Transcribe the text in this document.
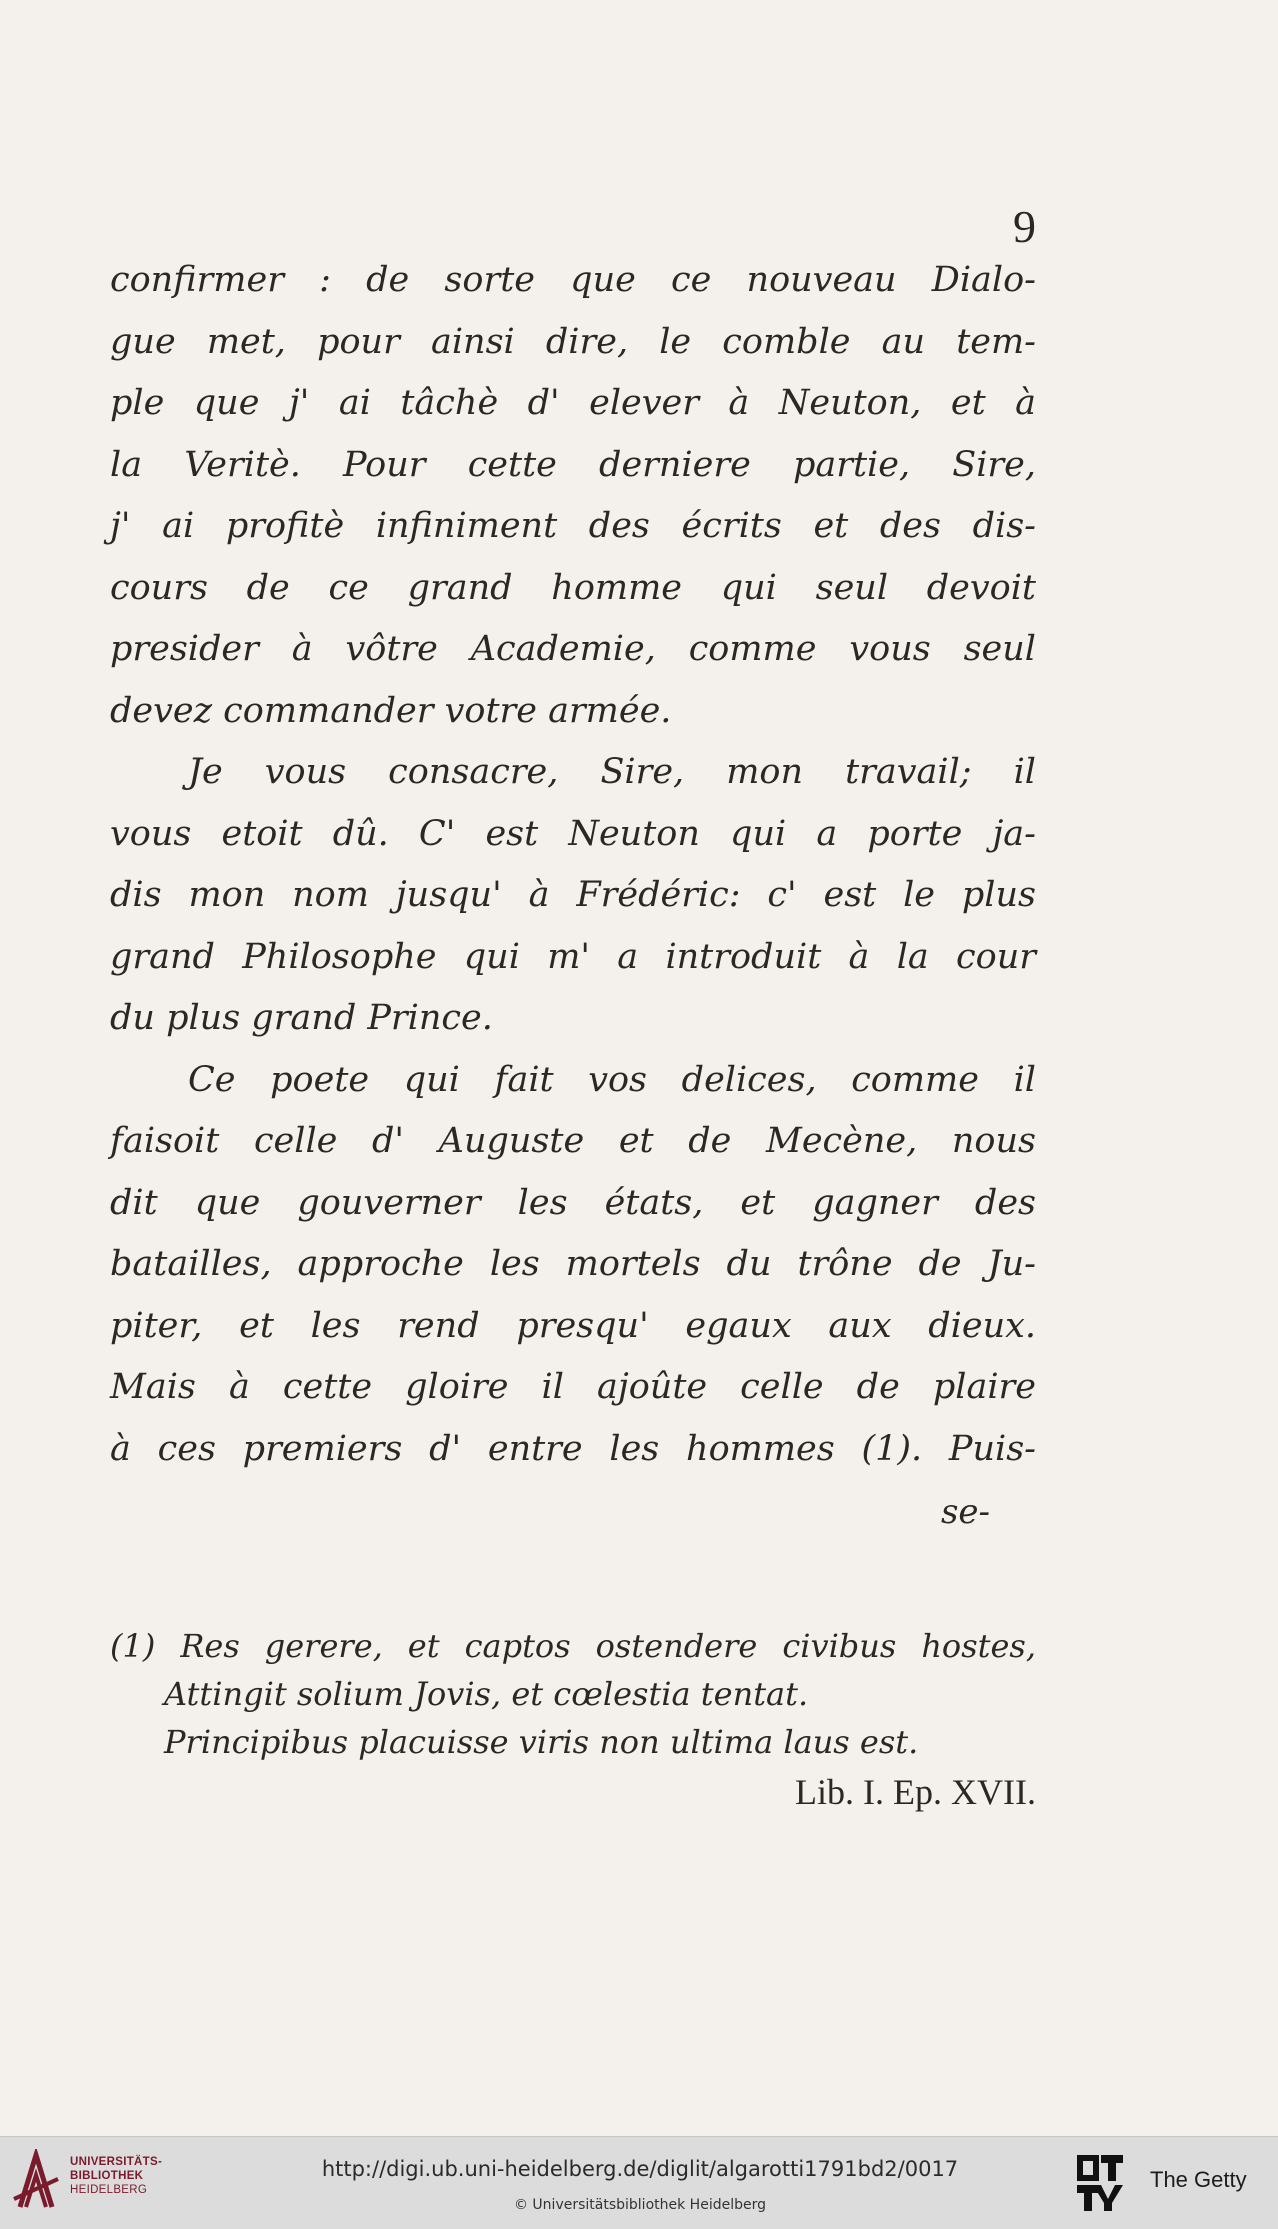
9
confirmer : de sorte que ce nouveau Dialo-
gue met, pour ainsi dire, le comble au tem-
ple que j' ai tâchè d' elever à Neuton, et à
la Veritè. Pour cette derniere partie, Sire,
j' ai profitè infiniment des écrits et des dis-
cours de ce grand homme qui seul devoit
presider à vôtre Academie, comme vous seul
devez commander votre armée.
Je vous consacre, Sire, mon travail; il
vous etoit dû. C' est Neuton qui a porte ja-
dis mon nom jusqu' à Frédéric: c' est le plus
grand Philosophe qui m' a introduit à la cour
du plus grand Prince.
Ce poete qui fait vos delices, comme il
faisoit celle d' Auguste et de Mecène, nous
dit que gouverner les états, et gagner des
batailles, approche les mortels du trône de Ju-
piter, et les rend presqu' egaux aux dieux.
Mais à cette gloire il ajoûte celle de plaire
à ces premiers d' entre les hommes (1). Puis-
se-
(1) Res gerere, et captos ostendere civibus hostes,
Attingit solium Jovis, et cœlestia tentat.
Principibus placuisse viris non ultima laus est.
Lib. I. Ep. XVII.
UNIVERSITÄTS-
BIBLIOTHEK
HEIDELBERG
http://digi.ub.uni-heidelberg.de/diglit/algarotti1791bd2/0017
© Universitätsbibliothek Heidelberg
The Getty
